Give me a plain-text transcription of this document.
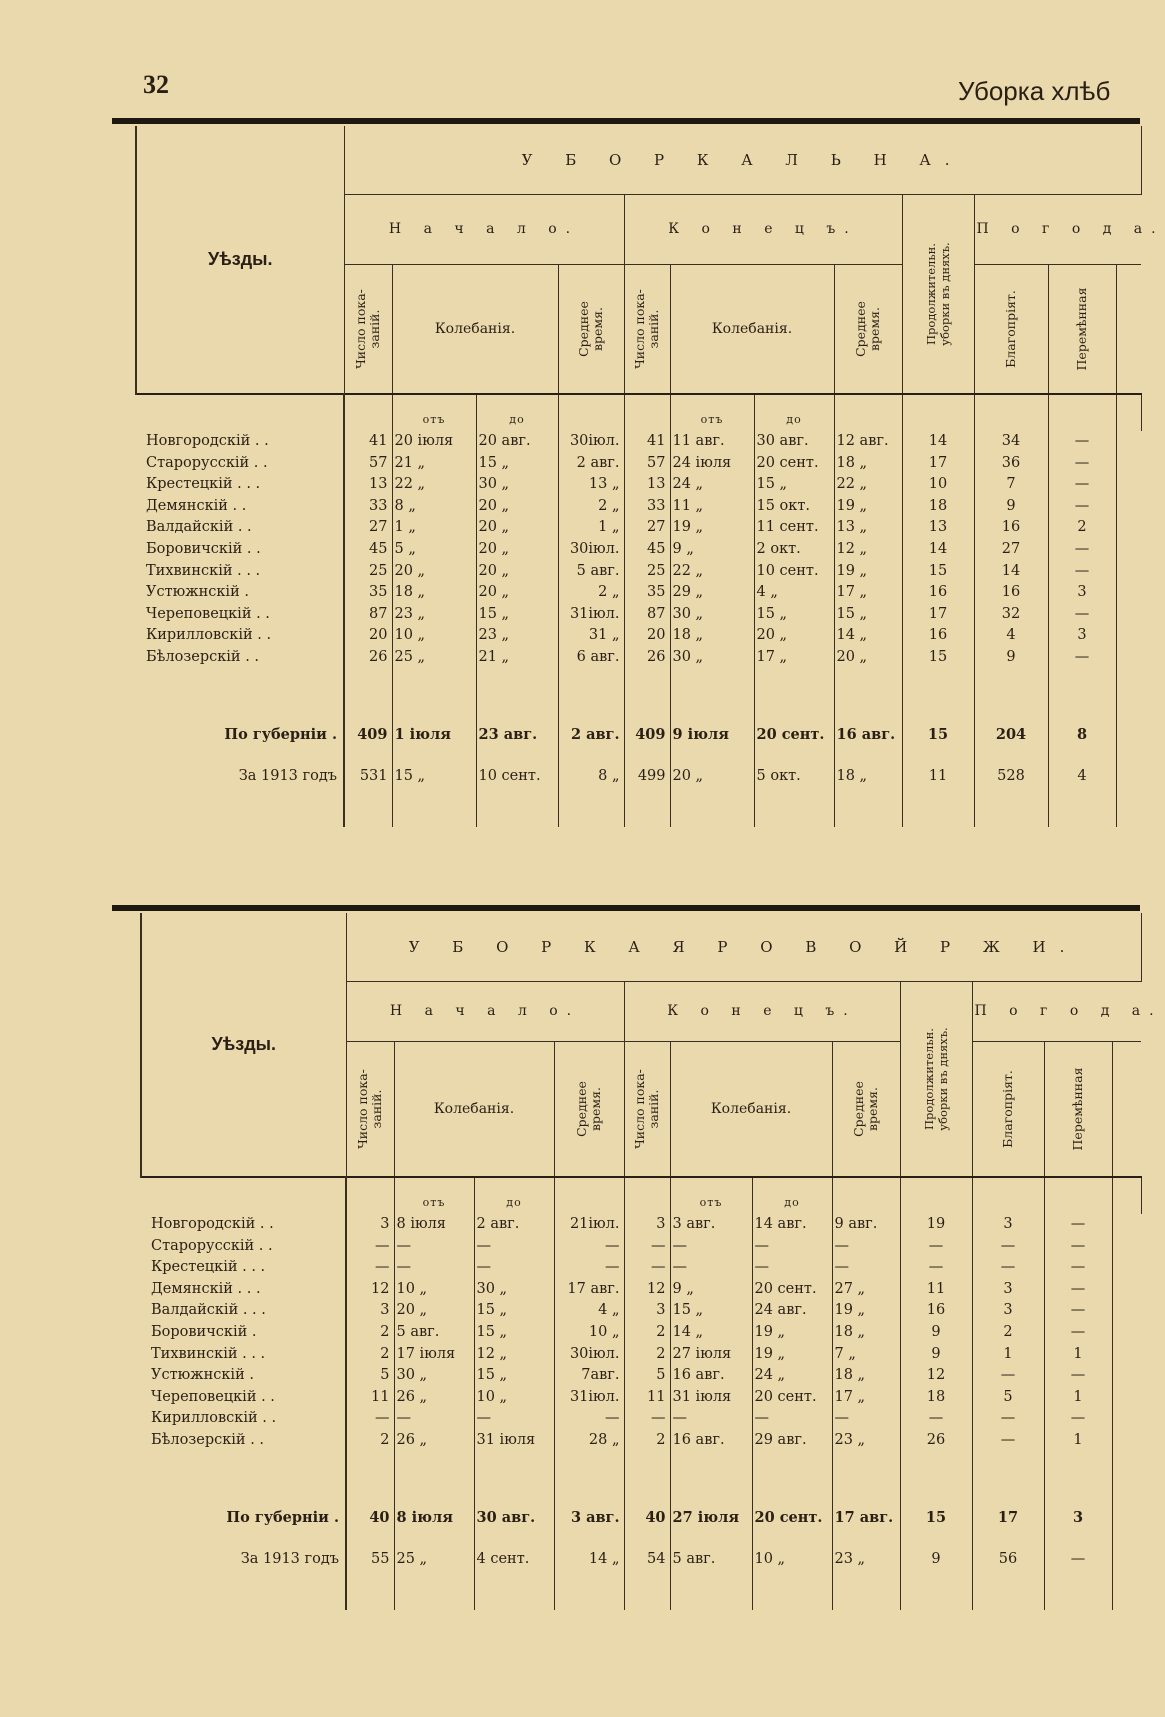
32	Уборка хлѣб
Уѣзды.	У Б О Р К А Л Ь Н А.											
	Н а ч а л о.				К о н е ц ъ.				Продолжительн.
уборки въ дняхъ.	П о г о д а.		

	Число пока-
заній.	Колебанія.		Среднее
время.	Число пока-
заній.	Колебанія.		Среднее
время.		Благопріят.	Перемѣнная	

		отъ	до			отъ	до					
Новгородскій . .	41	20 іюля	20 авг.	30іюл.	41	11 авг.	30 авг.	12 авг.	14	34	—	
Старорусскій . .	57	21 „	15 „	2 авг.	57	24 іюля	20 сент.	18 „	17	36	—	
Крестецкій . . .	13	22 „	30 „	13 „	13	24 „	15 „	22 „	10	7	—	
Демянскій . .	33	8 „	20 „	2 „	33	11 „	15 окт.	19 „	18	9	—	
Валдайскій . .	27	1 „	20 „	1 „	27	19 „	11 сент.	13 „	13	16	2	
Боровичскій . .	45	5 „	20 „	30іюл.	45	9 „	2 окт.	12 „	14	27	—	
Тихвинскій . . .	25	20 „	20 „	5 авг.	25	22 „	10 сент.	19 „	15	14	—	
Устюжнскій .	35	18 „	20 „	2 „	35	29 „	4 „	17 „	16	16	3	
Череповецкій . .	87	23 „	15 „	31іюл.	87	30 „	15 „	15 „	17	32	—	
Кирилловскій . .	20	10 „	23 „	31 „	20	18 „	20 „	14 „	16	4	3	
Бѣлозерскій . .	26	25 „	21 „	6 авг.	26	30 „	17 „	20 „	15	9	—	

По губерніи .	409	1 іюля	23 авг.	2 авг.	409	9 іюля	20 сент.	16 авг.	15	204	8	
За 1913 годъ	531	15 „	10 сент.	8 „	499	20 „	5 окт.	18 „	11	528	4	

Уѣзды.	У Б О Р К А Я Р О В О Й Р Ж И.											
	Н а ч а л о.				К о н е ц ъ.				Продолжительн.
уборки въ дняхъ.	П о г о д а.		

	Число пока-
заній.	Колебанія.		Среднее
время.	Число пока-
заній.	Колебанія.		Среднее
время.		Благопріят.	Перемѣнная	

		отъ	до			отъ	до					
Новгородскій . .	3	8 іюля	2 авг.	21іюл.	3	3 авг.	14 авг.	9 авг.	19	3	—	
Старорусскій . .	—	—	—	—	—	—	—	—	—	—	—	
Крестецкій . . .	—	—	—	—	—	—	—	—	—	—	—	
Демянскій . . .	12	10 „	30 „	17 авг.	12	9 „	20 сент.	27 „	11	3	—	
Валдайскій . . .	3	20 „	15 „	4 „	3	15 „	24 авг.	19 „	16	3	—	
Боровичскій .	2	5 авг.	15 „	10 „	2	14 „	19 „	18 „	9	2	—	
Тихвинскій . . .	2	17 іюля	12 „	30іюл.	2	27 іюля	19 „	7 „	9	1	1	
Устюжнскій .	5	30 „	15 „	7авг.	5	16 авг.	24 „	18 „	12	—	—	
Череповецкій . .	11	26 „	10 „	31іюл.	11	31 іюля	20 сент.	17 „	18	5	1	
Кирилловскій . .	—	—	—	—	—	—	—	—	—	—	—	
Бѣлозерскій . .	2	26 „	31 іюля	28 „	2	16 авг.	29 авг.	23 „	26	—	1	

По губерніи .	40	8 іюля	30 авг.	3 авг.	40	27 іюля	20 сент.	17 авг.	15	17	3	
За 1913 годъ	55	25 „	4 сент.	14 „	54	5 авг.	10 „	23 „	9	56	—	
